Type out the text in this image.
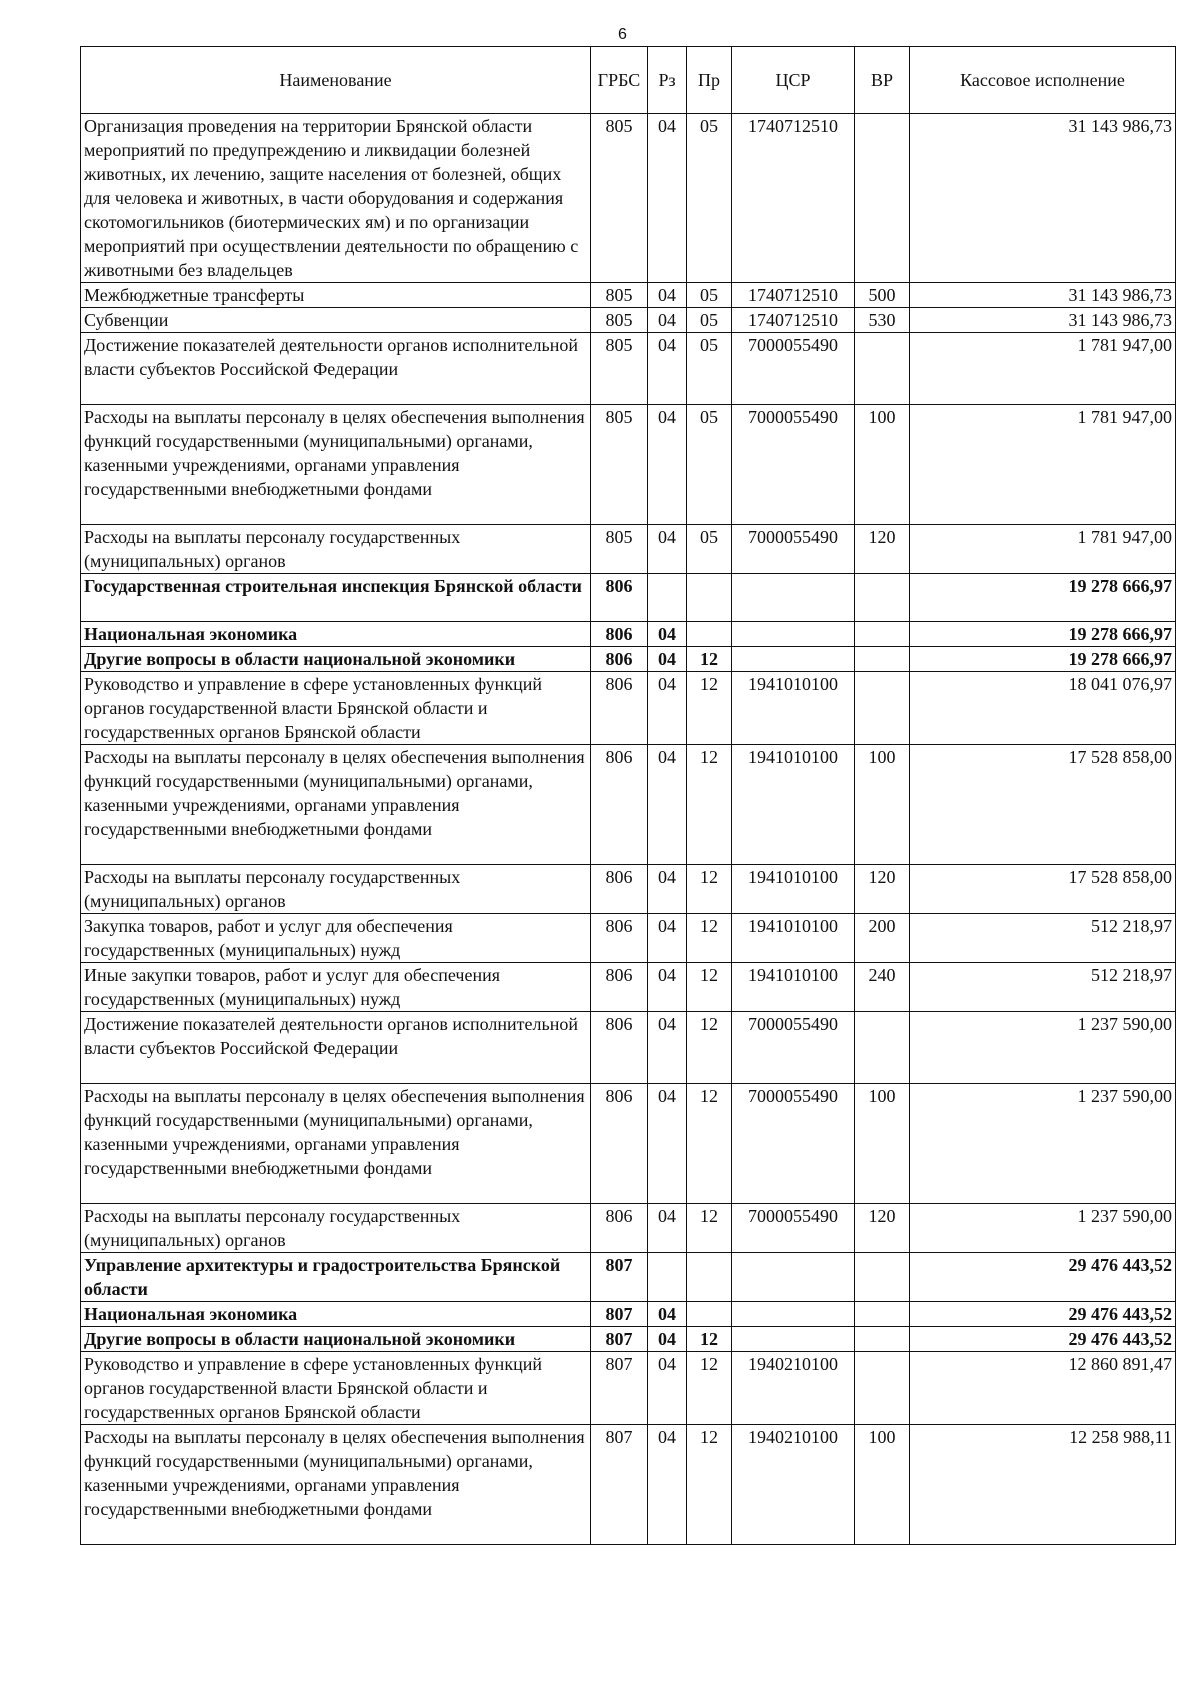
6
Наименование	ГРБС	Рз	Пр	ЦСР	ВР	Кассовое исполнение
Организация проведения на территории Брянской области мероприятий по предупреждению и ликвидации болезней животных, их лечению, защите населения от болезней, общих для человека и животных, в части оборудования и содержания скотомогильников (биотермических ям) и по организации мероприятий при осуществлении деятельности по обращению с животными без владельцев	805	04	05	1740712510		31 143 986,73
Межбюджетные трансферты	805	04	05	1740712510	500	31 143 986,73
Субвенции	805	04	05	1740712510	530	31 143 986,73
Достижение показателей деятельности органов исполнительной власти субъектов Российской Федерации	805	04	05	7000055490		1 781 947,00
Расходы на выплаты персоналу в целях обеспечения выполнения функций государственными (муниципальными) органами, казенными учреждениями, органами управления государственными внебюджетными фондами	805	04	05	7000055490	100	1 781 947,00
Расходы на выплаты персоналу государственных (муниципальных) органов	805	04	05	7000055490	120	1 781 947,00
Государственная строительная инспекция Брянской области	806					19 278 666,97
Национальная экономика	806	04				19 278 666,97
Другие вопросы в области национальной экономики	806	04	12			19 278 666,97
Руководство и управление в сфере установленных функций органов государственной власти Брянской области и государственных органов Брянской области	806	04	12	1941010100		18 041 076,97
Расходы на выплаты персоналу в целях обеспечения выполнения функций государственными (муниципальными) органами, казенными учреждениями, органами управления государственными внебюджетными фондами	806	04	12	1941010100	100	17 528 858,00
Расходы на выплаты персоналу государственных (муниципальных) органов	806	04	12	1941010100	120	17 528 858,00
Закупка товаров, работ и услуг для обеспечения государственных (муниципальных) нужд	806	04	12	1941010100	200	512 218,97
Иные закупки товаров, работ и услуг для обеспечения государственных (муниципальных) нужд	806	04	12	1941010100	240	512 218,97
Достижение показателей деятельности органов исполнительной власти субъектов Российской Федерации	806	04	12	7000055490		1 237 590,00
Расходы на выплаты персоналу в целях обеспечения выполнения функций государственными (муниципальными) органами, казенными учреждениями, органами управления государственными внебюджетными фондами	806	04	12	7000055490	100	1 237 590,00
Расходы на выплаты персоналу государственных (муниципальных) органов	806	04	12	7000055490	120	1 237 590,00
Управление архитектуры и градостроительства Брянской области	807					29 476 443,52
Национальная экономика	807	04				29 476 443,52
Другие вопросы в области национальной экономики	807	04	12			29 476 443,52
Руководство и управление в сфере установленных функций органов государственной власти Брянской области и государственных органов Брянской области	807	04	12	1940210100		12 860 891,47
Расходы на выплаты персоналу в целях обеспечения выполнения функций государственными (муниципальными) органами, казенными учреждениями, органами управления государственными внебюджетными фондами	807	04	12	1940210100	100	12 258 988,11
